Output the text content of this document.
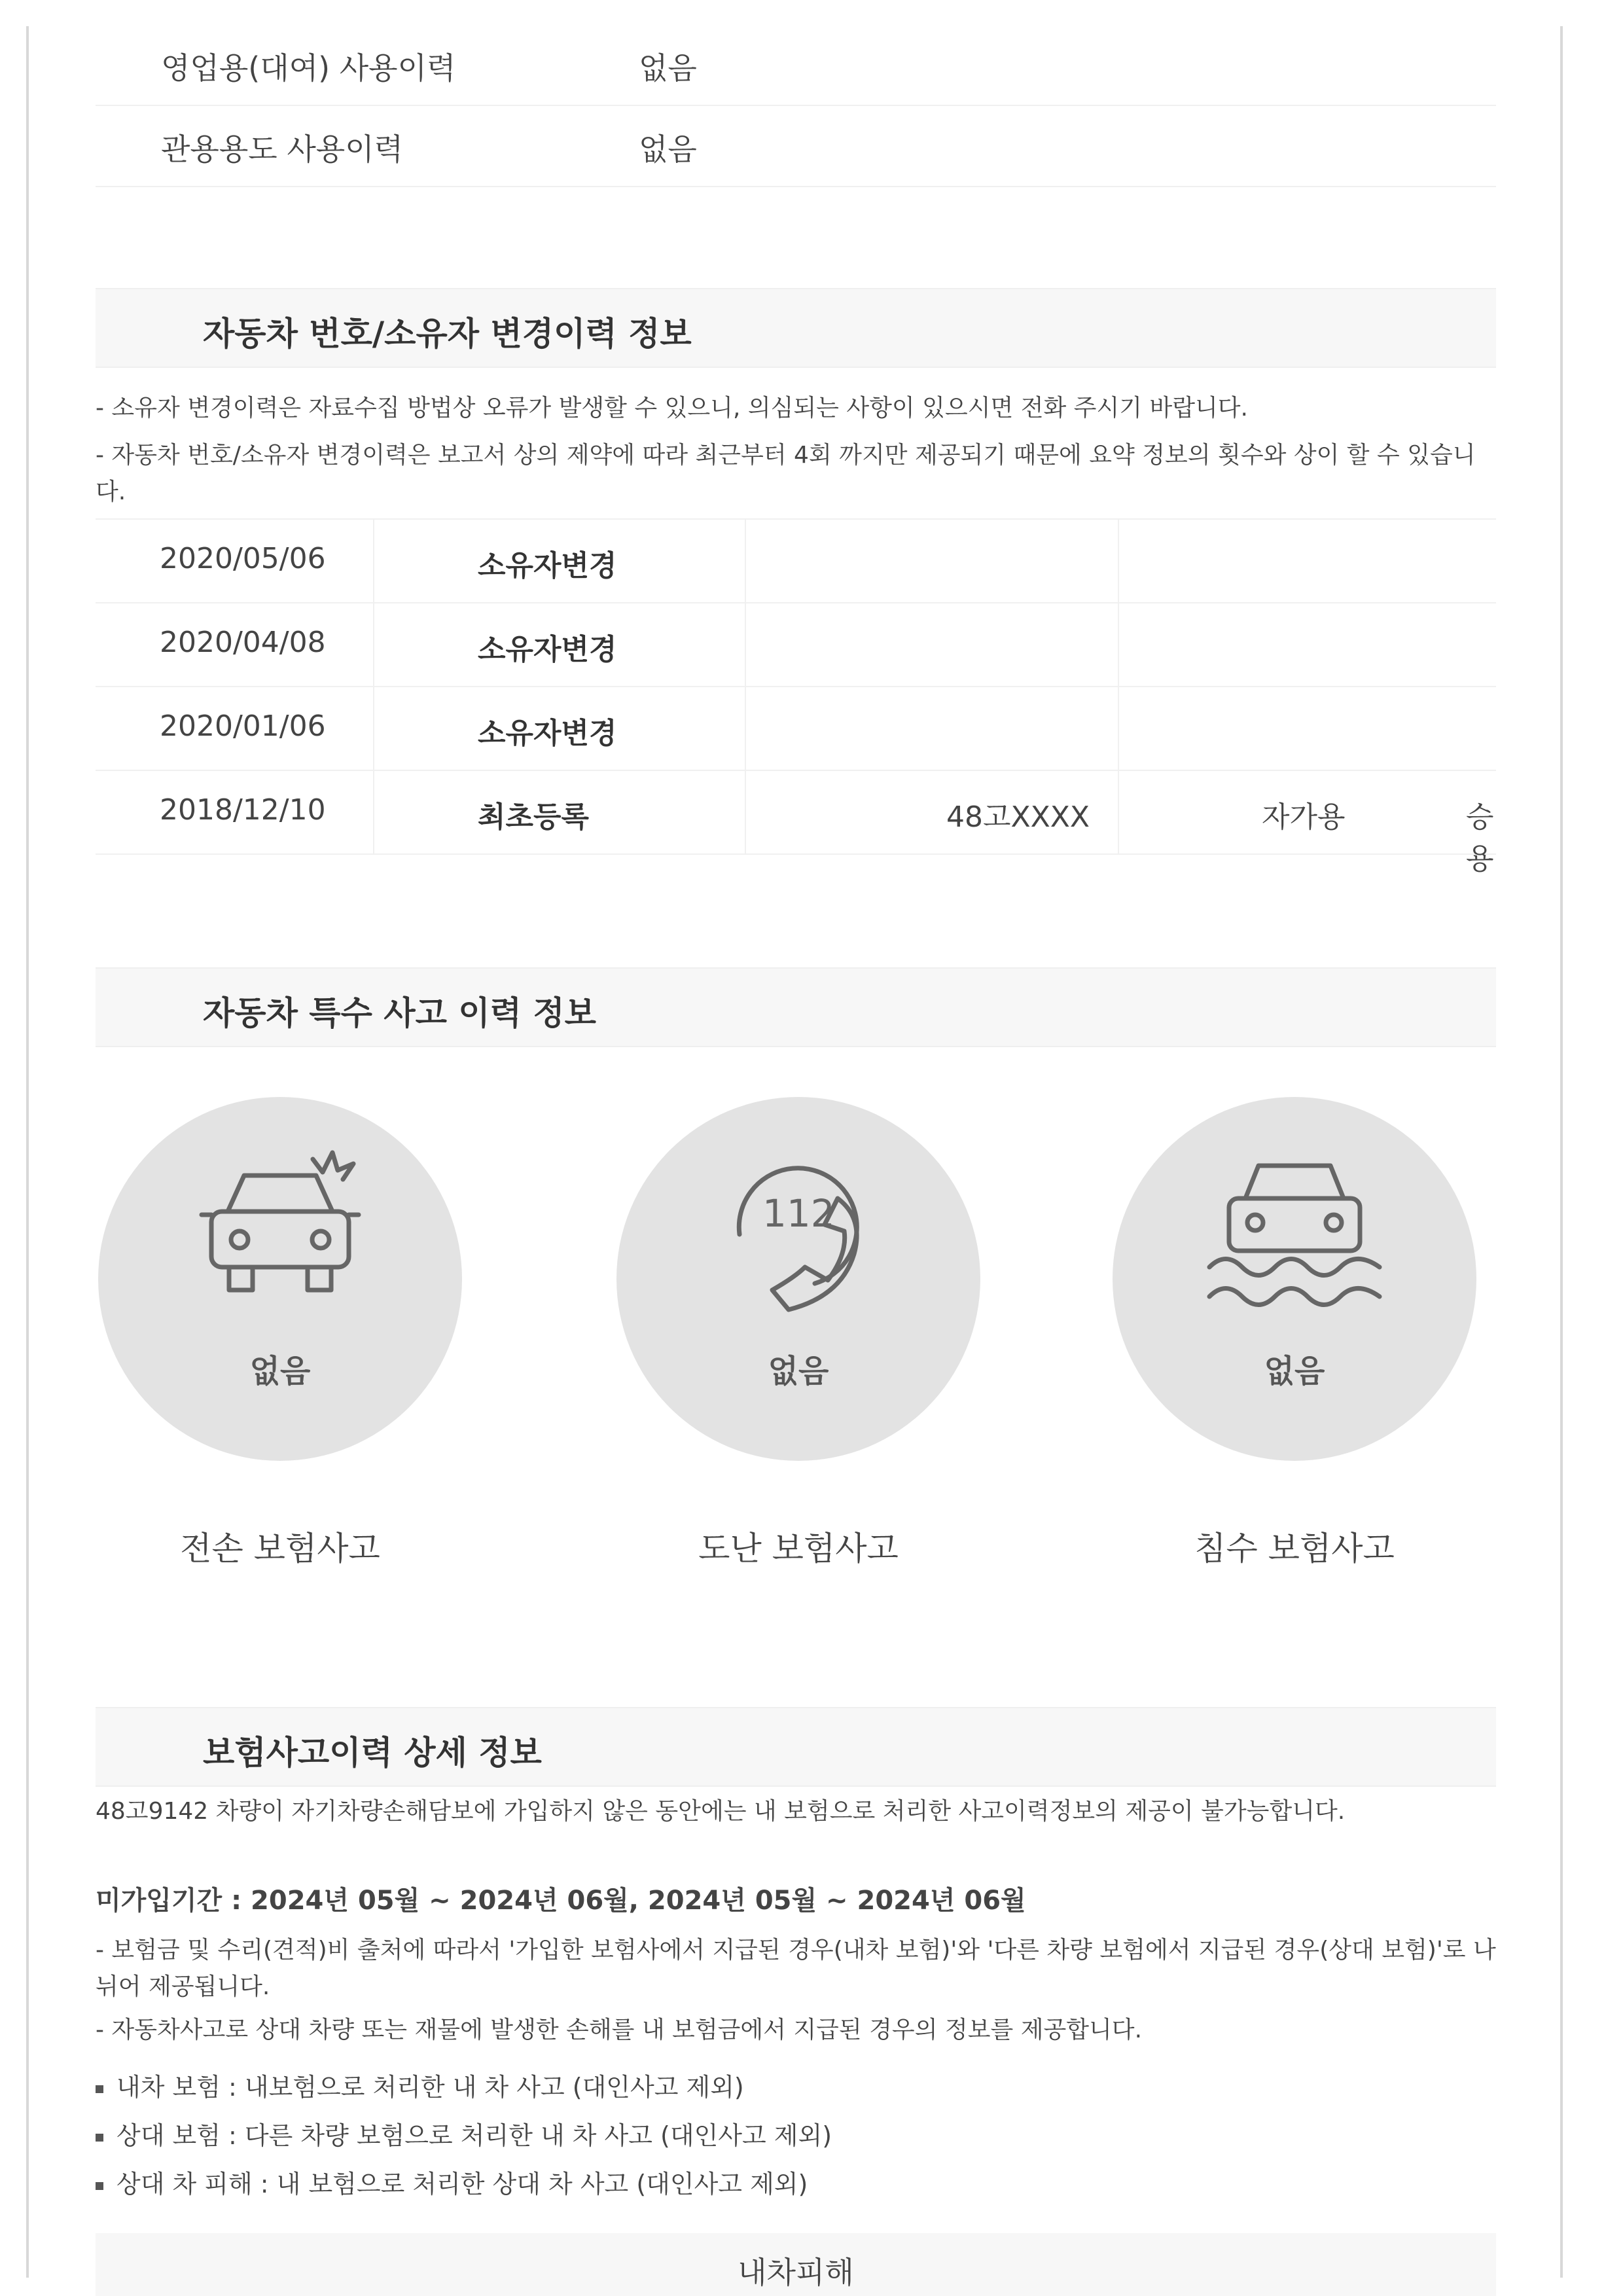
영업용(대여) 사용이력	없음
관용용도 사용이력	없음
자동차 번호/소유자 변경이력 정보
- 소유자 변경이력은 자료수집 방법상 오류가 발생할 수 있으니, 의심되는 사항이 있으시면 전화 주시기 바랍니다.
- 자동차 번호/소유자 변경이력은 보고서 상의 제약에 따라 최근부터 4회 까지만 제공되기 때문에 요약 정보의 횟수와 상이 할 수 있습니다.
2020/05/06	소유자변경
2020/04/08	소유자변경
2020/01/06	소유자변경
2018/12/10	최초등록	48고XXXX	자가용	승용
자동차 특수 사고 이력 정보
없음
112
없음	없음
전손 보험사고	도난 보험사고	침수 보험사고
보험사고이력 상세 정보
48고9142 차량이 자기차량손해담보에 가입하지 않은 동안에는 내 보험으로 처리한 사고이력정보의 제공이 불가능합니다.
미가입기간 : 2024년 05월 ~ 2024년 06월, 2024년 05월 ~ 2024년 06월
- 보험금 및 수리(견적)비 출처에 따라서 '가입한 보험사에서 지급된 경우(내차 보험)'와 '다른 차량 보험에서 지급된 경우(상대 보험)'로 나뉘어 제공됩니다.
- 자동차사고로 상대 차량 또는 재물에 발생한 손해를 내 보험금에서 지급된 경우의 정보를 제공합니다.
내차 보험 : 내보험으로 처리한 내 차 사고 (대인사고 제외)
상대 보험 : 다른 차량 보험으로 처리한 내 차 사고 (대인사고 제외)
상대 차 피해 : 내 보험으로 처리한 상대 차 사고 (대인사고 제외)
내차피해
